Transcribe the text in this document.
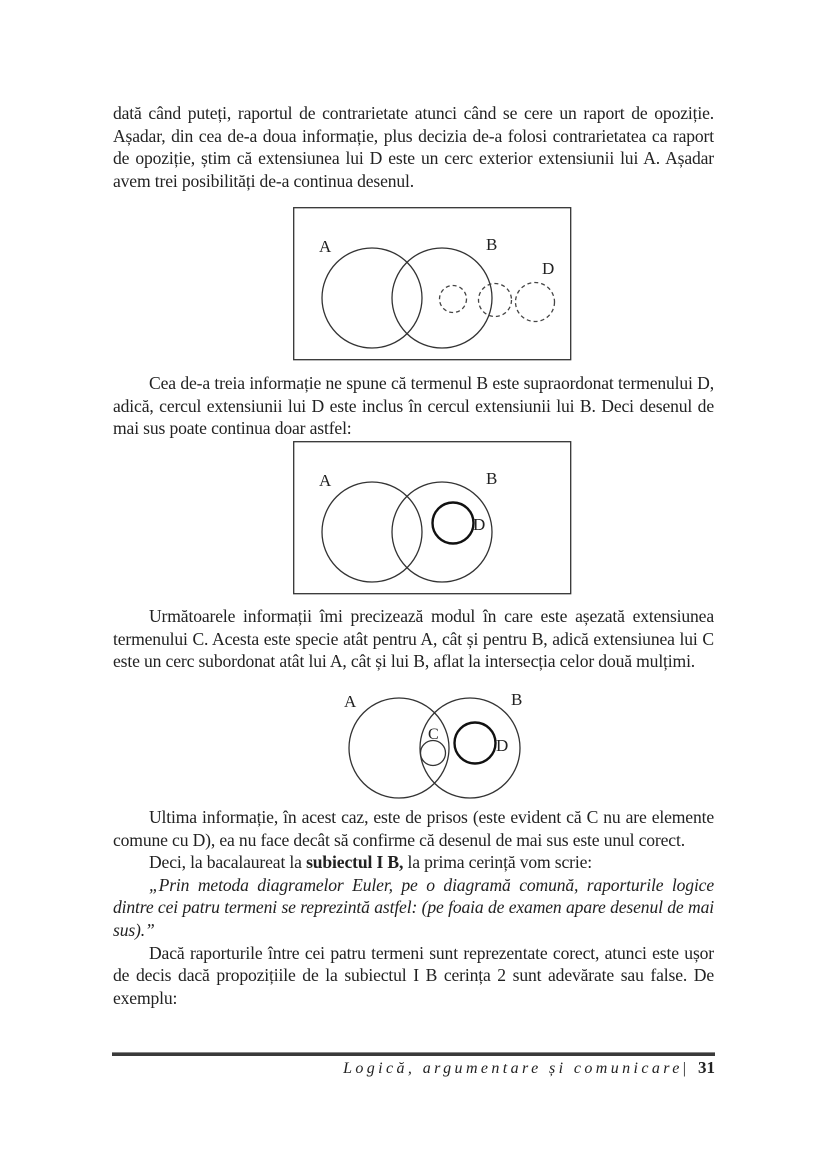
dată când puteți, raportul de contrarietate atunci când se cere un raport de opoziție. Așadar, din cea de-a doua informație, plus decizia de-a folosi contrarietatea ca raport de opoziție, știm că extensiunea lui D este un cerc exterior extensiunii lui A. Așadar avem trei posibilități de-a continua desenul.

A	B
D

Cea de-a treia informație ne spune că termenul B este supraordonat termenului D, adică, cercul extensiunii lui D este inclus în cercul extensiunii lui B. Deci desenul de mai sus poate continua doar astfel:

A	B
D

Următoarele informații îmi precizează modul în care este așezată extensiunea termenului C. Acesta este specie atât pentru A, cât și pentru B, adică extensiunea lui C este un cerc subordonat atât lui A, cât și lui B, aflat la intersecția celor două mulțimi.

A	B
C
D

Ultima informație, în acest caz, este de prisos (este evident că C nu are elemente comune cu D), ea nu face decât să confirme că desenul de mai sus este unul corect.

Deci, la bacalaureat la subiectul I B, la prima cerință vom scrie:

„Prin metoda diagramelor Euler, pe o diagramă comună, raporturile logice dintre cei patru termeni se reprezintă astfel: (pe foaia de examen apare desenul de mai sus).”

Dacă raporturile între cei patru termeni sunt reprezentate corect, atunci este ușor de decis dacă propozițiile de la subiectul I B cerința 2 sunt adevărate sau false. De exemplu:

Logică, argumentare și comunicare| 31
